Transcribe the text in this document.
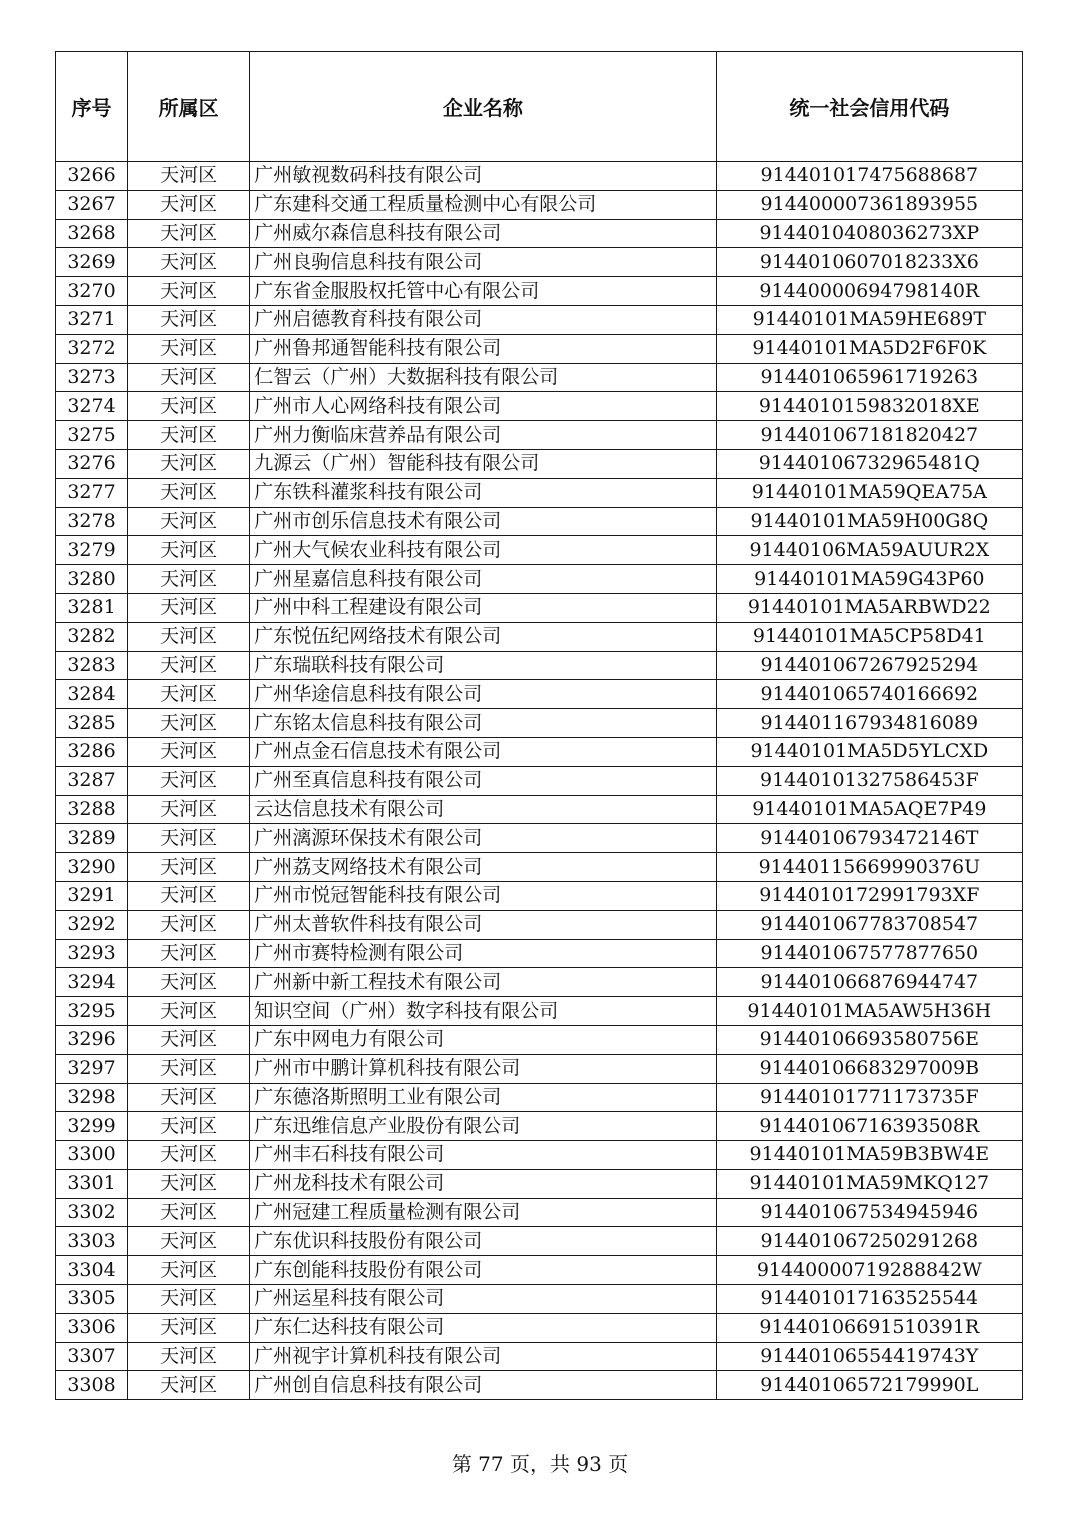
序号	所属区	企业名称	统一社会信用代码
3266	天河区	广州敏视数码科技有限公司	914401017475688687
3267	天河区	广东建科交通工程质量检测中心有限公司	914400007361893955
3268	天河区	广州威尔森信息科技有限公司	9144010408036273XP
3269	天河区	广州良驹信息科技有限公司	9144010607018233X6
3270	天河区	广东省金服股权托管中心有限公司	91440000694798140R
3271	天河区	广州启德教育科技有限公司	91440101MA59HE689T
3272	天河区	广州鲁邦通智能科技有限公司	91440101MA5D2F6F0K
3273	天河区	仁智云（广州）大数据科技有限公司	914401065961719263
3274	天河区	广州市人心网络科技有限公司	9144010159832018XE
3275	天河区	广州力衡临床营养品有限公司	914401067181820427
3276	天河区	九源云（广州）智能科技有限公司	91440106732965481Q
3277	天河区	广东铁科灌浆科技有限公司	91440101MA59QEA75A
3278	天河区	广州市创乐信息技术有限公司	91440101MA59H00G8Q
3279	天河区	广州大气候农业科技有限公司	91440106MA59AUUR2X
3280	天河区	广州星嘉信息科技有限公司	91440101MA59G43P60
3281	天河区	广州中科工程建设有限公司	91440101MA5ARBWD22
3282	天河区	广东悦伍纪网络技术有限公司	91440101MA5CP58D41
3283	天河区	广东瑞联科技有限公司	914401067267925294
3284	天河区	广州华途信息科技有限公司	914401065740166692
3285	天河区	广东铭太信息科技有限公司	914401167934816089
3286	天河区	广州点金石信息技术有限公司	91440101MA5D5YLCXD
3287	天河区	广州至真信息科技有限公司	91440101327586453F
3288	天河区	云达信息技术有限公司	91440101MA5AQE7P49
3289	天河区	广州漓源环保技术有限公司	91440106793472146T
3290	天河区	广州荔支网络技术有限公司	91440115669990376U
3291	天河区	广州市悦冠智能科技有限公司	9144010172991793XF
3292	天河区	广州太普软件科技有限公司	914401067783708547
3293	天河区	广州市赛特检测有限公司	914401067577877650
3294	天河区	广州新中新工程技术有限公司	914401066876944747
3295	天河区	知识空间（广州）数字科技有限公司	91440101MA5AW5H36H
3296	天河区	广东中网电力有限公司	91440106693580756E
3297	天河区	广州市中鹏计算机科技有限公司	91440106683297009B
3298	天河区	广东德洛斯照明工业有限公司	91440101771173735F
3299	天河区	广东迅维信息产业股份有限公司	91440106716393508R
3300	天河区	广州丰石科技有限公司	91440101MA59B3BW4E
3301	天河区	广州龙科技术有限公司	91440101MA59MKQ127
3302	天河区	广州冠建工程质量检测有限公司	914401067534945946
3303	天河区	广东优识科技股份有限公司	914401067250291268
3304	天河区	广东创能科技股份有限公司	91440000719288842W
3305	天河区	广州运星科技有限公司	914401017163525544
3306	天河区	广东仁达科技有限公司	91440106691510391R
3307	天河区	广州视宇计算机科技有限公司	91440106554419743Y
3308	天河区	广州创自信息科技有限公司	91440106572179990L
第 77 页，共 93 页
